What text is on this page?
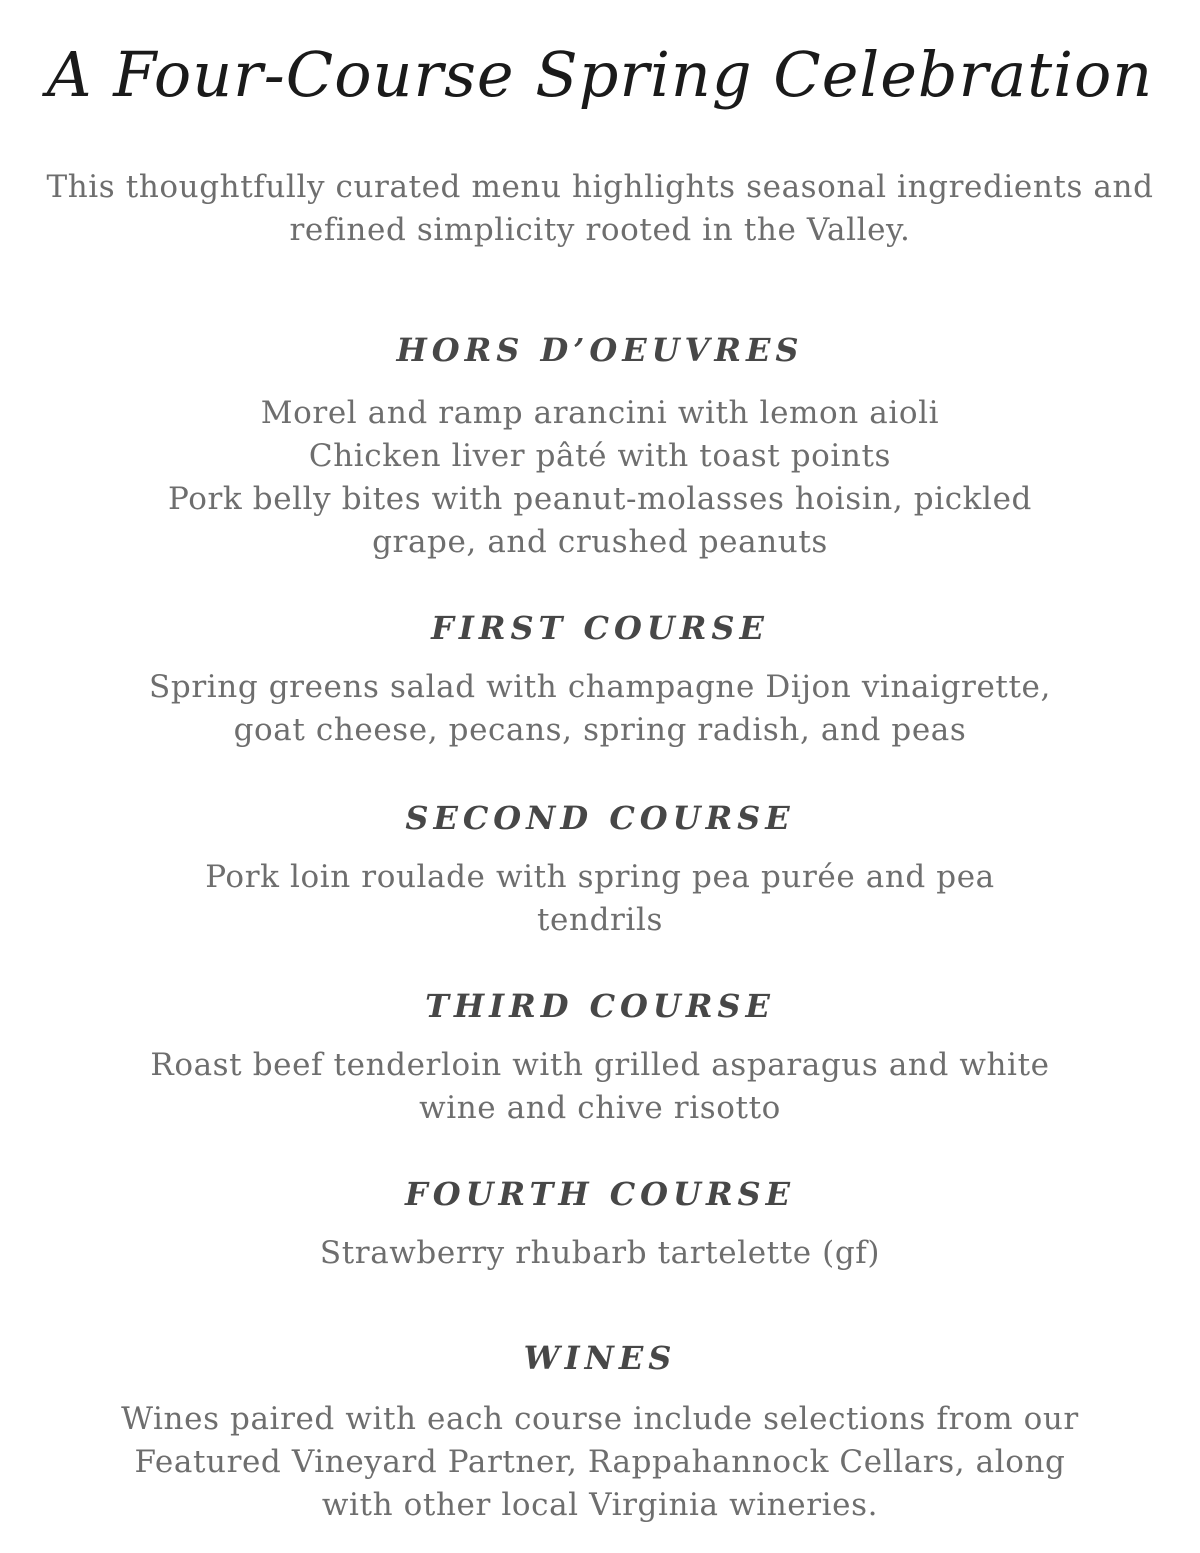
A Four-Course Spring Celebration
This thoughtfully curated menu highlights seasonal ingredients and refined simplicity rooted in the Valley.
HORS D’OEUVRES
Morel and ramp arancini with lemon aioli
Chicken liver pâté with toast points
Pork belly bites with peanut-molasses hoisin, pickled grape, and crushed peanuts
FIRST COURSE
Spring greens salad with champagne Dijon vinaigrette, goat cheese, pecans, spring radish, and peas
SECOND COURSE
Pork loin roulade with spring pea purée and pea tendrils
THIRD COURSE
Roast beef tenderloin with grilled asparagus and white wine and chive risotto
FOURTH COURSE
Strawberry rhubarb tartelette (gf)
WINES
Wines paired with each course include selections from our Featured Vineyard Partner, Rappahannock Cellars, along with other local Virginia wineries.
